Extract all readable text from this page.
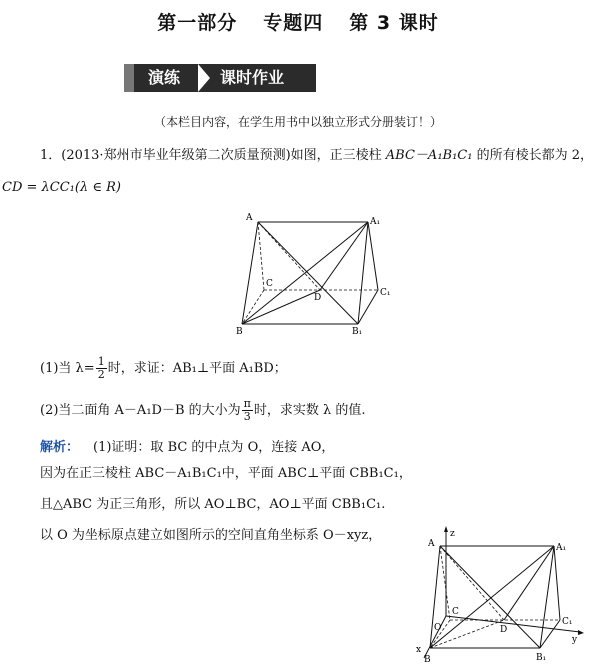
第一部分 专题四 第 3 课时
演练 课时作业
（本栏目内容，在学生用书中以独立形式分册装订！）
1．(2013·郑州市毕业年级第二次质量预测)如图，正三棱柱 ABC－A₁B₁C₁ 的所有棱长都为 2，
CD = λCC₁(λ ∈ R)
A	A₁
C
D	C₁
B	B₁
(1)当 $\lambda= \frac{1}{2}$ 时，求证：AB₁⊥平面 A₁BD；
(2)当二面角 A－A₁D－B 的大小为 $\frac{\pi}{3}$ 时，求实数 λ 的值.
解析： (1)证明：取 BC 的中点为 O，连接 AO，
因为在正三棱柱 ABC－A₁B₁C₁中，平面 ABC⊥平面 CBB₁C₁，
且△ABC 为正三角形，所以 AO⊥BC，AO⊥平面 CBB₁C₁.
以 O 为坐标原点建立如图所示的空间直角坐标系 O－xyz，	z
A	A₁
C
O	D
C₁
x
B	B₁
y
